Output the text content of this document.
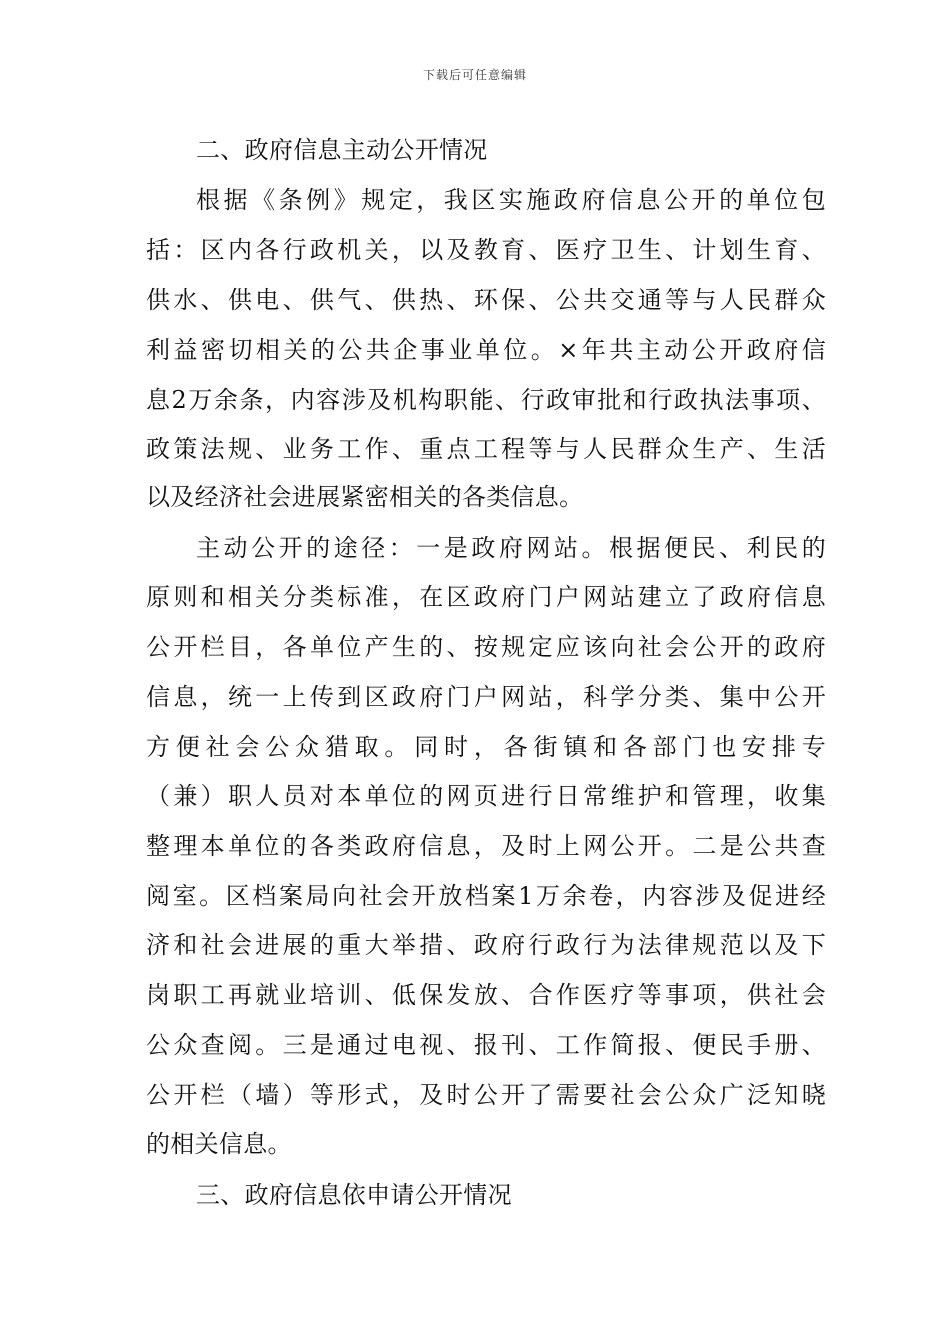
下载后可任意编辑
二、政府信息主动公开情况
根据《条例》规定，我区实施政府信息公开的单位包
括：区内各行政机关，以及教育、医疗卫生、计划生育、
供水、供电、供气、供热、环保、公共交通等与人民群众
利益密切相关的公共企事业单位。×年共主动公开政府信
息2万余条，内容涉及机构职能、行政审批和行政执法事项、
政策法规、业务工作、重点工程等与人民群众生产、生活
以及经济社会进展紧密相关的各类信息。
主动公开的途径：一是政府网站。根据便民、利民的
原则和相关分类标准，在区政府门户网站建立了政府信息
公开栏目，各单位产生的、按规定应该向社会公开的政府
信息，统一上传到区政府门户网站，科学分类、集中公开
方便社会公众猎取。同时，各街镇和各部门也安排专
（兼）职人员对本单位的网页进行日常维护和管理，收集
整理本单位的各类政府信息，及时上网公开。二是公共查
阅室。区档案局向社会开放档案1万余卷，内容涉及促进经
济和社会进展的重大举措、政府行政行为法律规范以及下
岗职工再就业培训、低保发放、合作医疗等事项，供社会
公众查阅。三是通过电视、报刊、工作简报、便民手册、
公开栏（墙）等形式，及时公开了需要社会公众广泛知晓
的相关信息。
三、政府信息依申请公开情况
